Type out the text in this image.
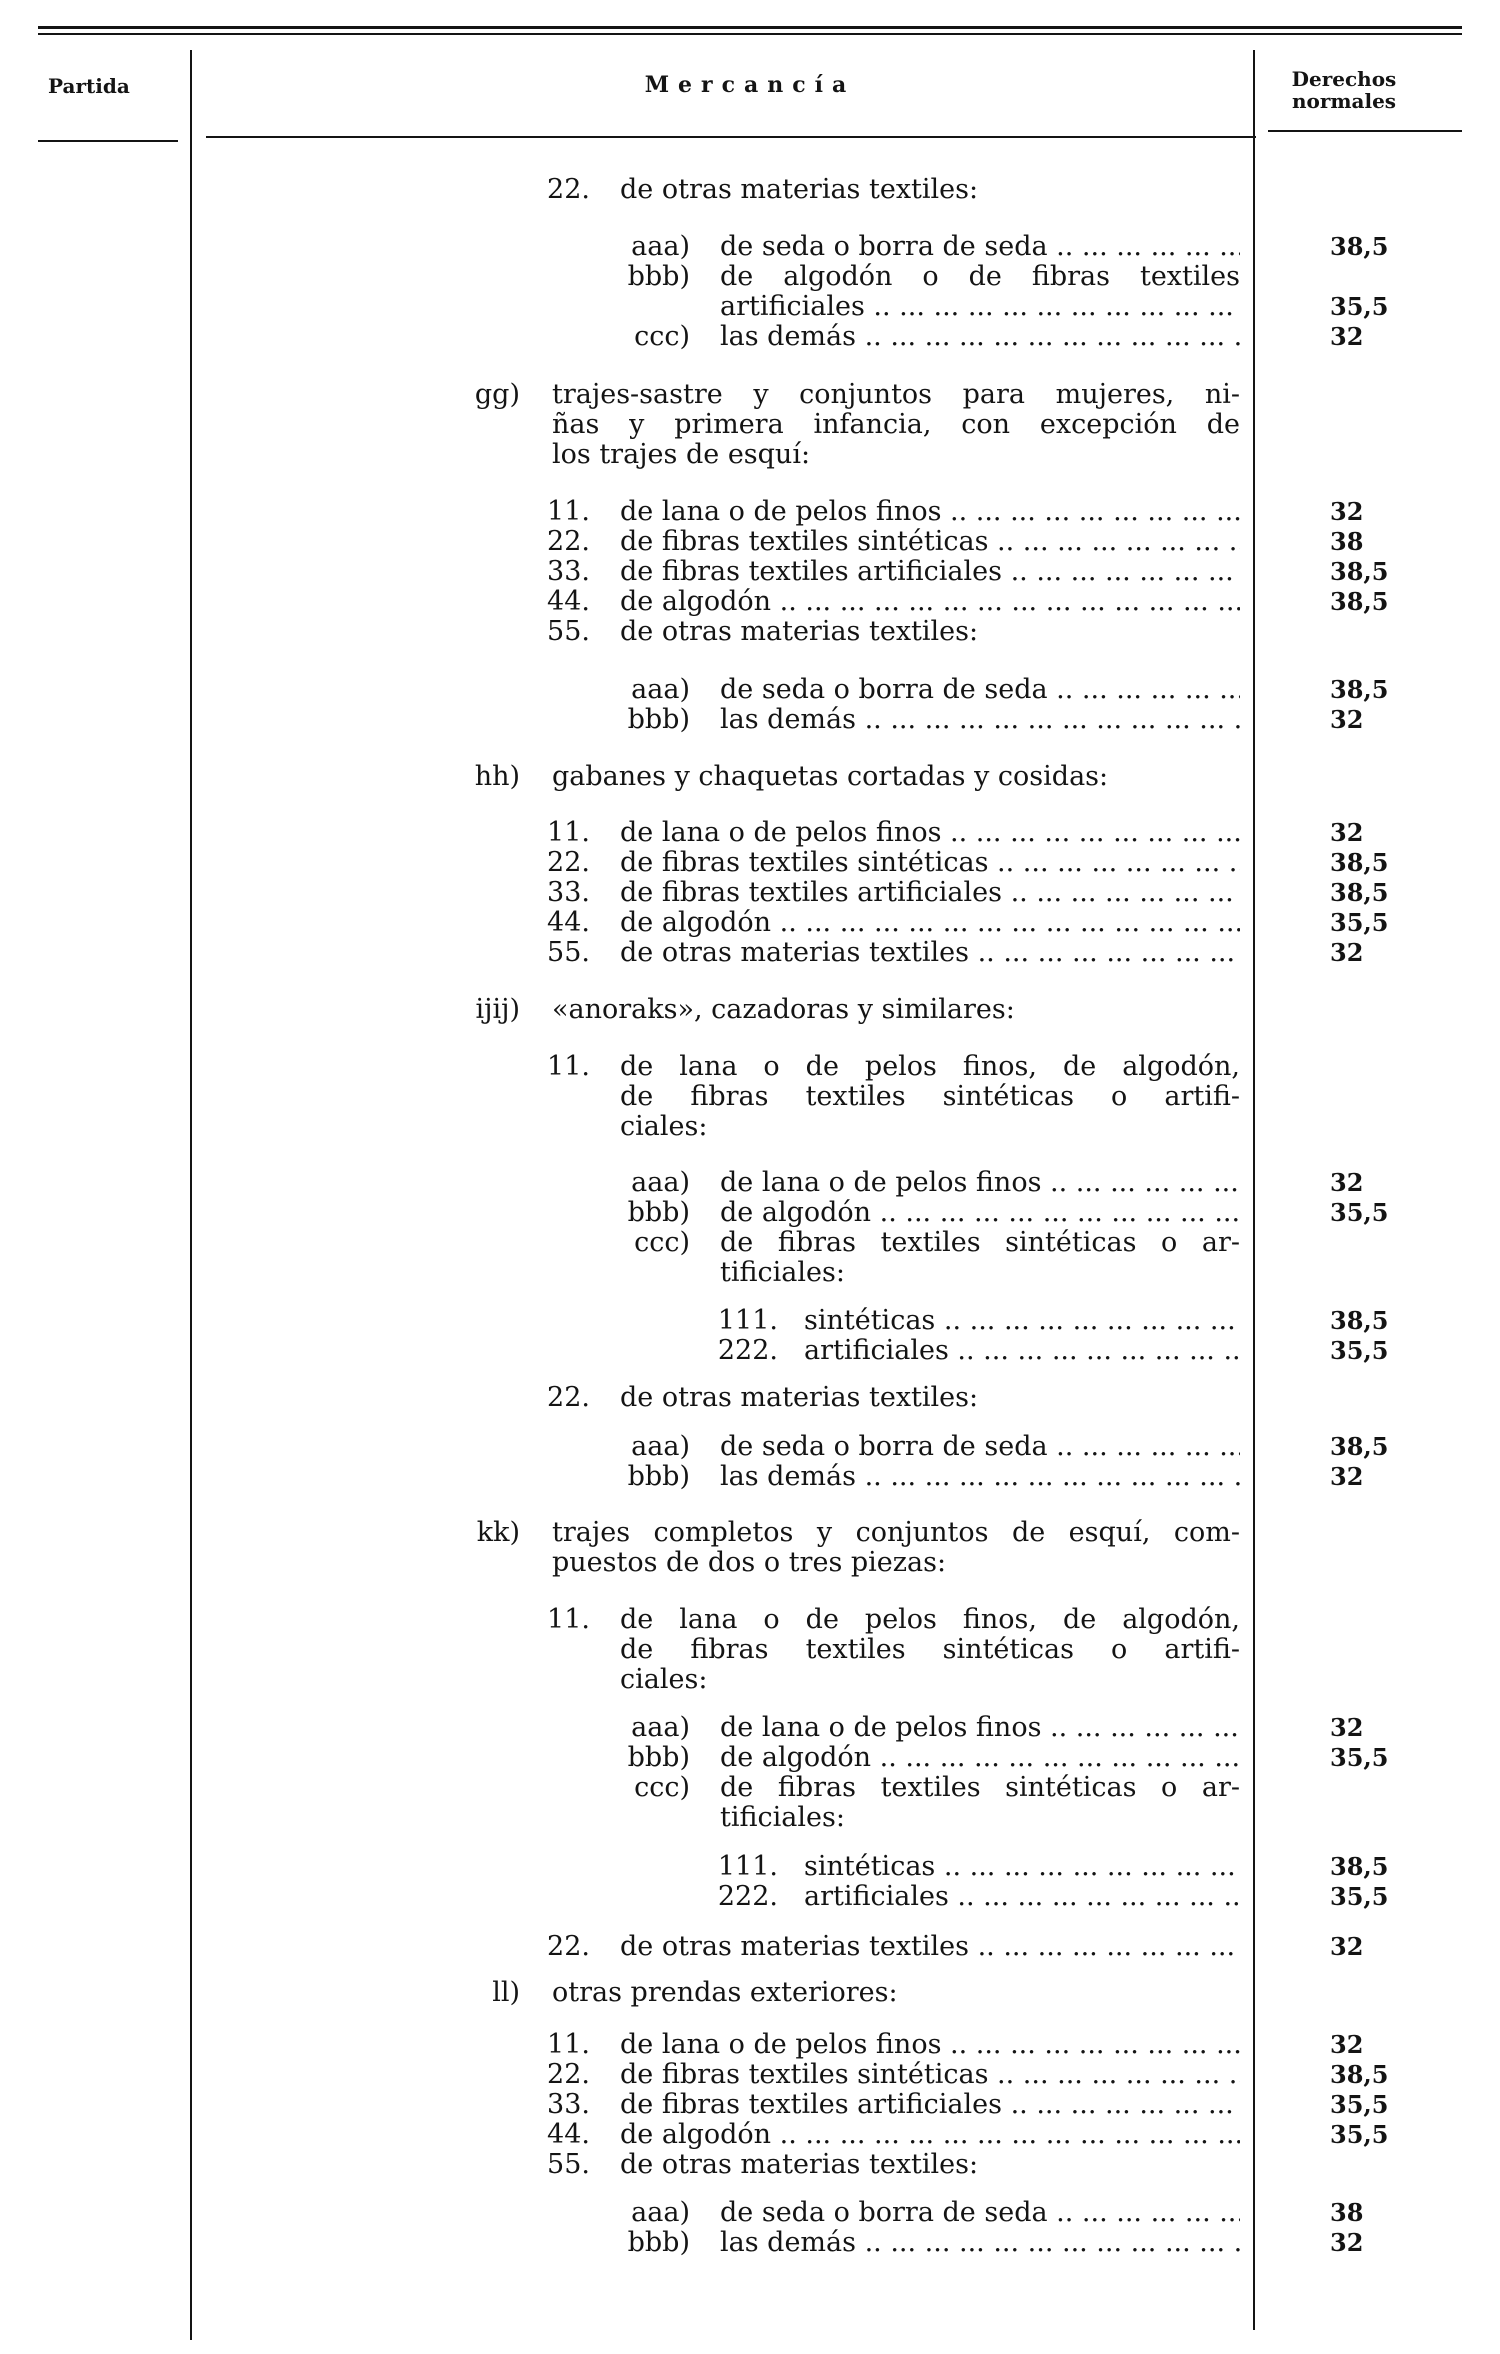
Partida	Mercancía	Derechos
normales
22. de otras materias textiles:
aaa) de seda o borra de seda .. ..	38,5
bbb) de algodón o de fibras textiles
artificiales .. ..	35,5
ccc) las demás .. ..	32
gg) trajes-sastre y conjuntos para mujeres, ni-
ñas y primera infancia, con excepción de
los trajes de esquí:
11. de lana o de pelos finos .. ..	32
22. de fibras textiles sintéticas .. ..	38
33. de fibras textiles artificiales .. ..	38,5
44. de algodón .. ..	38,5
55. de otras materias textiles:
aaa) de seda o borra de seda .. ..	38,5
bbb) las demás .. ..	32
hh) gabanes y chaquetas cortadas y cosidas:
11. de lana o de pelos finos .. ..	32
22. de fibras textiles sintéticas .. ..	38,5
33. de fibras textiles artificiales .. ..	38,5
44. de algodón .. ..	35,5
55. de otras materias textiles .. ..	32
ijij) «anoraks», cazadoras y similares:
11. de lana o de pelos finos, de algodón,
de fibras textiles sintéticas o artifi-
ciales:
aaa) de lana o de pelos finos .. ..	32
bbb) de algodón .. ..	35,5
ccc) de fibras textiles sintéticas o ar-
tificiales:
111. sintéticas .. ..	38,5
222. artificiales .. ..	35,5
22. de otras materias textiles:
aaa) de seda o borra de seda .. ..	38,5
bbb) las demás .. ..	32
kk) trajes completos y conjuntos de esquí, com-
puestos de dos o tres piezas:
11. de lana o de pelos finos, de algodón,
de fibras textiles sintéticas o artifi-
ciales:
aaa) de lana o de pelos finos .. ..	32
bbb) de algodón .. ..	35,5
ccc) de fibras textiles sintéticas o ar-
tificiales:
111. sintéticas .. ..	38,5
222. artificiales .. ..	35,5
22. de otras materias textiles .. ..	32
ll) otras prendas exteriores:
11. de lana o de pelos finos .. ..	32
22. de fibras textiles sintéticas .. ..	38,5
33. de fibras textiles artificiales .. ..	35,5
44. de algodón .. ..	35,5
55. de otras materias textiles:
aaa) de seda o borra de seda .. ..	38
bbb) las demás .. ..	32
